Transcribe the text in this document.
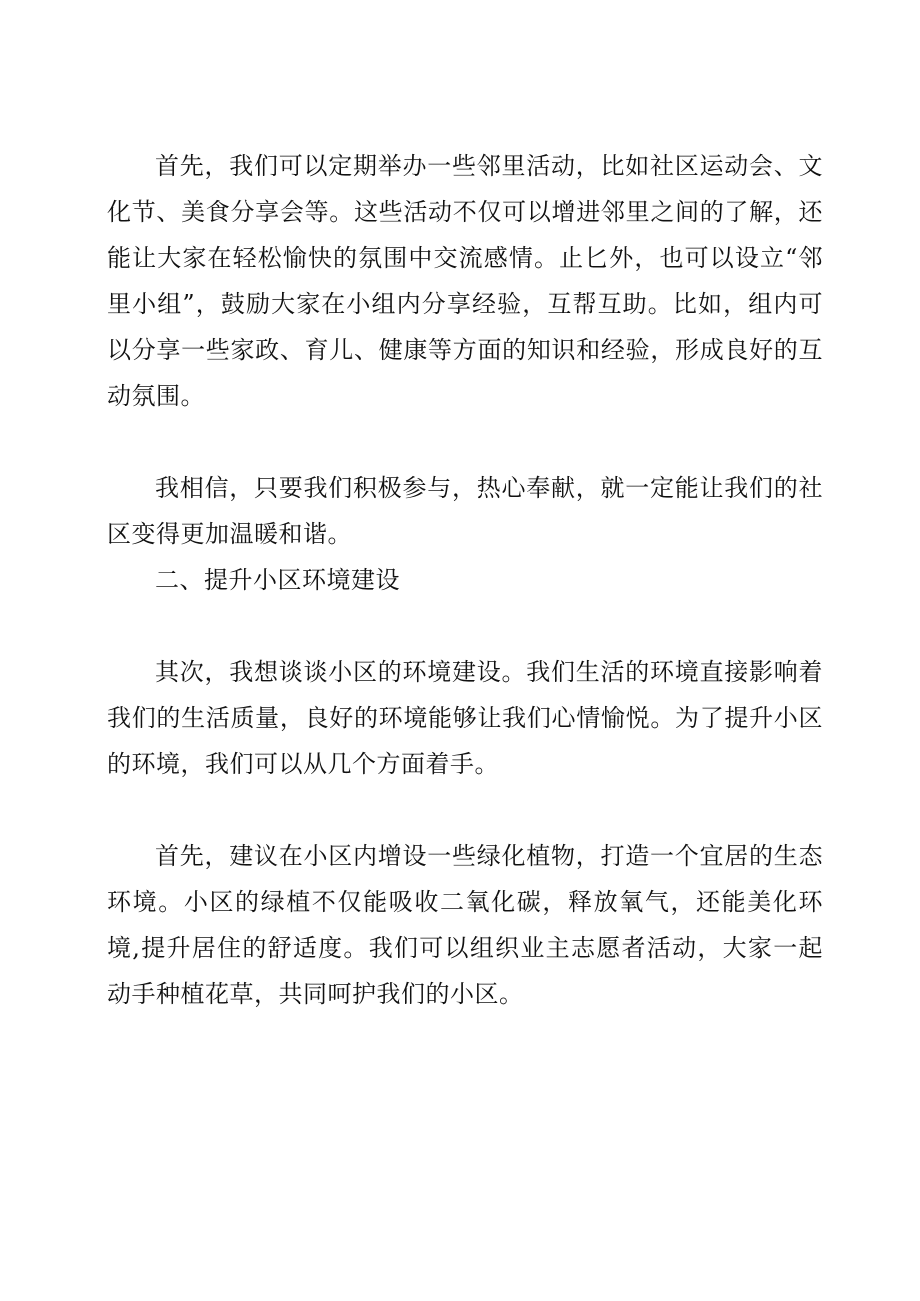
首先，我们可以定期举办一些邻里活动，比如社区运动会、文化节、美食分享会等。这些活动不仅可以增进邻里之间的了解，还能让大家在轻松愉快的氛围中交流感情。止匕外，也可以设立“邻里小组”，鼓励大家在小组内分享经验，互帮互助。比如，组内可以分享一些家政、育儿、健康等方面的知识和经验，形成良好的互动氛围。

我相信，只要我们积极参与，热心奉献，就一定能让我们的社区变得更加温暖和谐。

二、提升小区环境建设

其次，我想谈谈小区的环境建设。我们生活的环境直接影响着我们的生活质量，良好的环境能够让我们心情愉悦。为了提升小区的环境，我们可以从几个方面着手。

首先，建议在小区内增设一些绿化植物，打造一个宜居的生态环境。小区的绿植不仅能吸收二氧化碳，释放氧气，还能美化环境,提升居住的舒适度。我们可以组织业主志愿者活动，大家一起动手种植花草，共同呵护我们的小区。
